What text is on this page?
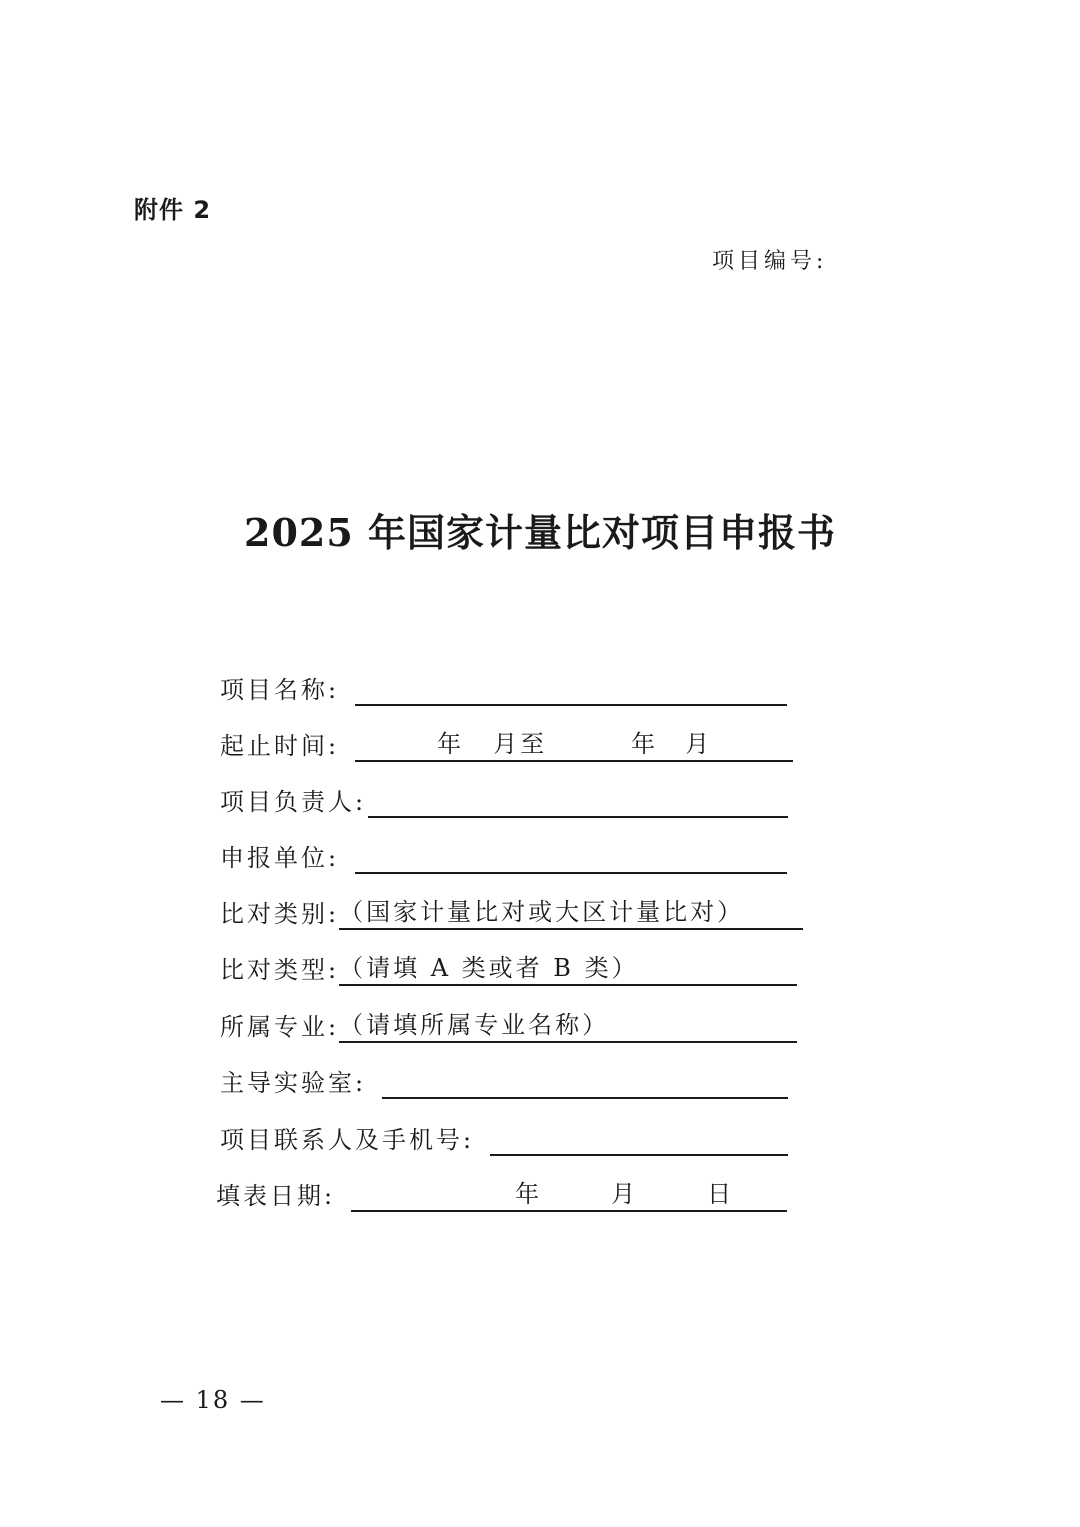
附件 2
项目编号:
2025 年国家计量比对项目申报书
项目名称:
起止时间:	年 月至	年 月
项目负责人:
申报单位:
比对类别: （国家计量比对或大区计量比对）
比对类型: （请填 A 类或者 B 类）
所属专业: （请填所属专业名称）
主导实验室:
项目联系人及手机号:
填表日期:	年	月	日
— 18 —
